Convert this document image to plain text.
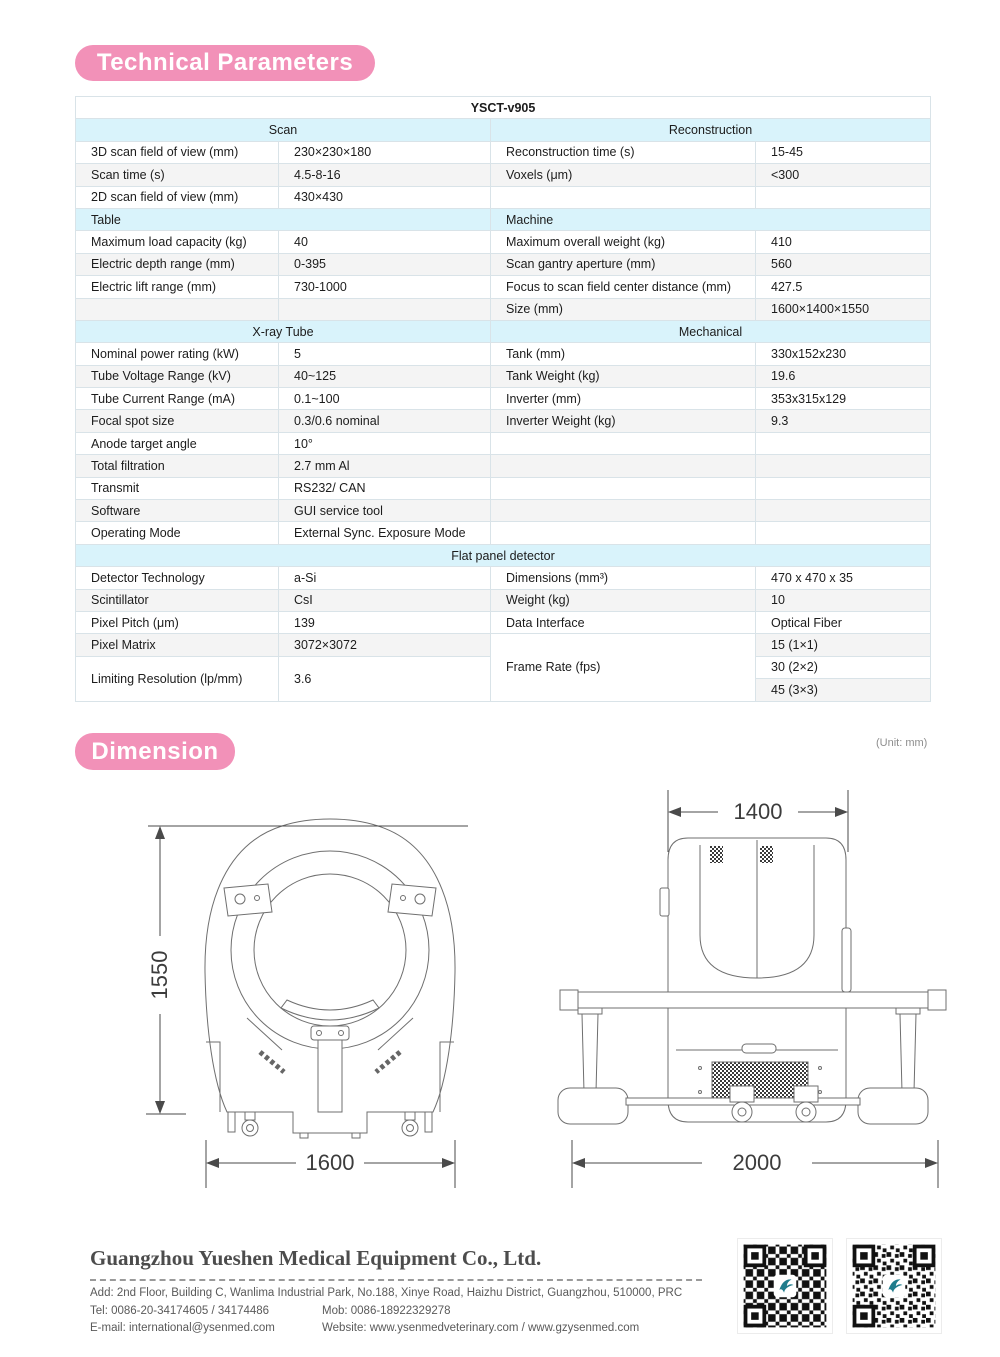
Technical Parameters
YSCT-v905			
Scan		Reconstruction	
3D scan field of view (mm)	230×230×180	Reconstruction time (s)	15-45
Scan time (s)	4.5-8-16	Voxels (μm)	<300
2D scan field of view (mm)	430×430		
Table		Machine	
Maximum load capacity (kg)	40	Maximum overall weight (kg)	410
Electric depth range (mm)	0-395	Scan gantry aperture (mm)	560
Electric lift range (mm)	730-1000	Focus to scan field center distance (mm)	427.5
		Size (mm)	1600×1400×1550
X-ray Tube		Mechanical	
Nominal power rating (kW)	5	Tank (mm)	330x152x230
Tube Voltage Range (kV)	40~125	Tank Weight (kg)	19.6
Tube Current Range (mA)	0.1~100	Inverter (mm)	353x315x129
Focal spot size	0.3/0.6 nominal	Inverter Weight (kg)	9.3
Anode target angle	10°		
Total filtration	2.7 mm Al		
Transmit	RS232/ CAN		
Software	GUI service tool		
Operating Mode	External Sync. Exposure Mode		
Flat panel detector			
Detector Technology	a-Si	Dimensions (mm³)	470 x 470 x 35
Scintillator	CsI	Weight (kg)	10
Pixel Pitch (μm)	139	Data Interface	Optical Fiber
Pixel Matrix	3072×3072	Frame Rate (fps)	15 (1×1)
Limiting Resolution (lp/mm)	3.6		30 (2×2)
			45 (3×3)
Dimension	(Unit: mm)
1550
1600
1400
2000
Guangzhou Yueshen Medical Equipment Co., Ltd.
Add: 2nd Floor, Building C, Wanlima Industrial Park, No.188, Xinye Road, Haizhu District, Guangzhou, 510000, PRC
Tel: 0086-20-34174605 / 34174486	Mob: 0086-18922329278
E-mail: international@ysenmed.com	Website: www.ysenmedveterinary.com / www.gzysenmed.com
